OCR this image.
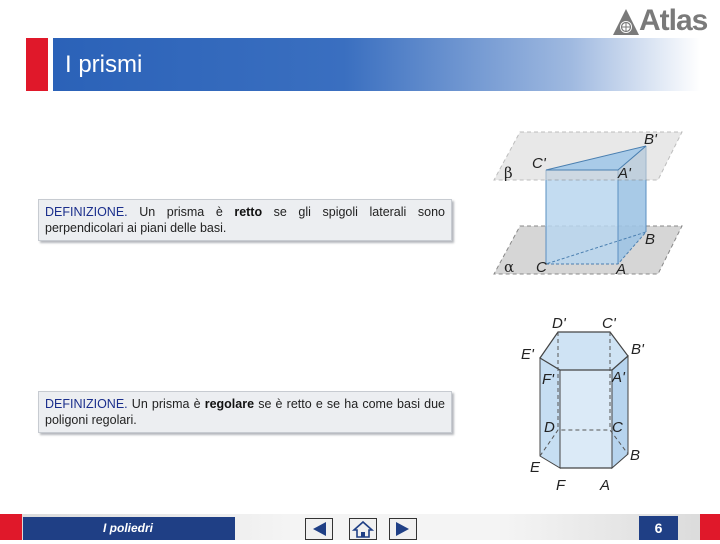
I prismi
Atlas
DEFINIZIONE. Un prisma è retto se gli spigoli laterali sono perpendicolari ai piani delle basi.
DEFINIZIONE. Un prisma è regolare se è retto e se ha come basi due poligoni regolari.
β
α
C'
A'
B'
C	A
B
D' C'
E'	B'
F'	A'
D	C
E
B
F A
I poliedri	6
